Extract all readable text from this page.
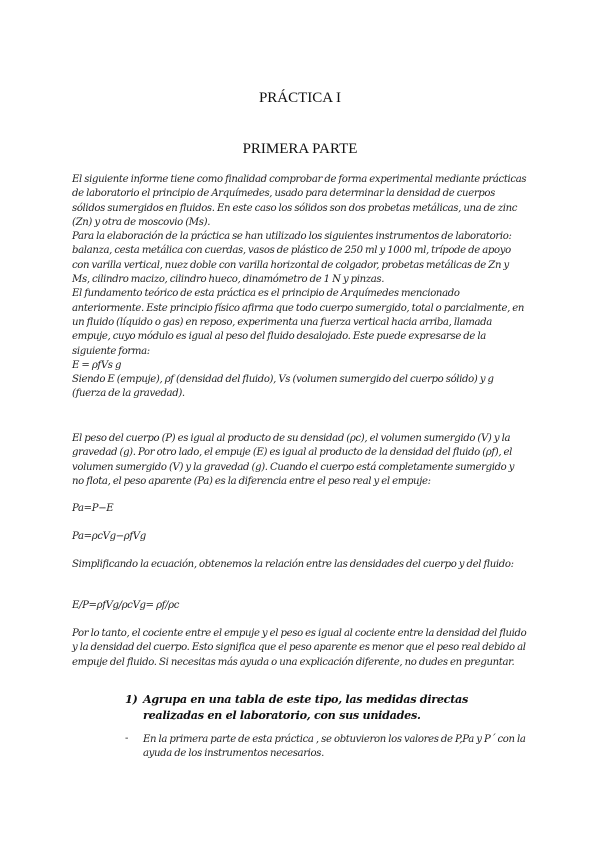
PRÁCTICA I
PRIMERA PARTE

El siguiente informe tiene como finalidad comprobar de forma experimental mediante prácticas de laboratorio el principio de Arquímedes, usado para determinar la densidad de cuerpos sólidos sumergidos en fluidos. En este caso los sólidos son dos probetas metálicas, una de zinc (Zn) y otra de moscovio (Ms).

Para la elaboración de la práctica se han utilizado los siguientes instrumentos de laboratorio: balanza, cesta metálica con cuerdas, vasos de plástico de 250 ml y 1000 ml, trípode de apoyo con varilla vertical, nuez doble con varilla horizontal de colgador, probetas metálicas de Zn y Ms, cilindro macizo, cilindro hueco, dinamómetro de 1 N y pinzas.

El fundamento teórico de esta práctica es el principio de Arquímedes mencionado anteriormente. Este principio físico afirma que todo cuerpo sumergido, total o parcialmente, en un fluido (líquido o gas) en reposo, experimenta una fuerza vertical hacia arriba, llamada empuje, cuyo módulo es igual al peso del fluido desalojado. Este puede expresarse de la siguiente forma:

E = ρfVs g

Siendo E (empuje), ρf (densidad del fluido), Vs (volumen sumergido del cuerpo sólido) y g (fuerza de la gravedad).

El peso del cuerpo (P) es igual al producto de su densidad (ρc), el volumen sumergido (V) y la gravedad (g). Por otro lado, el empuje (E) es igual al producto de la densidad del fluido (ρf), el volumen sumergido (V) y la gravedad (g). Cuando el cuerpo está completamente sumergido y no flota, el peso aparente (Pa) es la diferencia entre el peso real y el empuje:

Pa=P−E
Pa=ρcVg−ρfVg
Simplificando la ecuación, obtenemos la relación entre las densidades del cuerpo y del fluido:
E/P=ρfVg/ρcVg= ρf/ρc
Por lo tanto, el cociente entre el empuje y el peso es igual al cociente entre la densidad del fluido y la densidad del cuerpo. Esto significa que el peso aparente es menor que el peso real debido al empuje del fluido. Si necesitas más ayuda o una explicación diferente, no dudes en preguntar.
1) Agrupa en una tabla de este tipo, las medidas directas realizadas en el laboratorio, con sus unidades.
- En la primera parte de esta práctica , se obtuvieron los valores de P,Pa y P´ con la ayuda de los instrumentos necesarios.
